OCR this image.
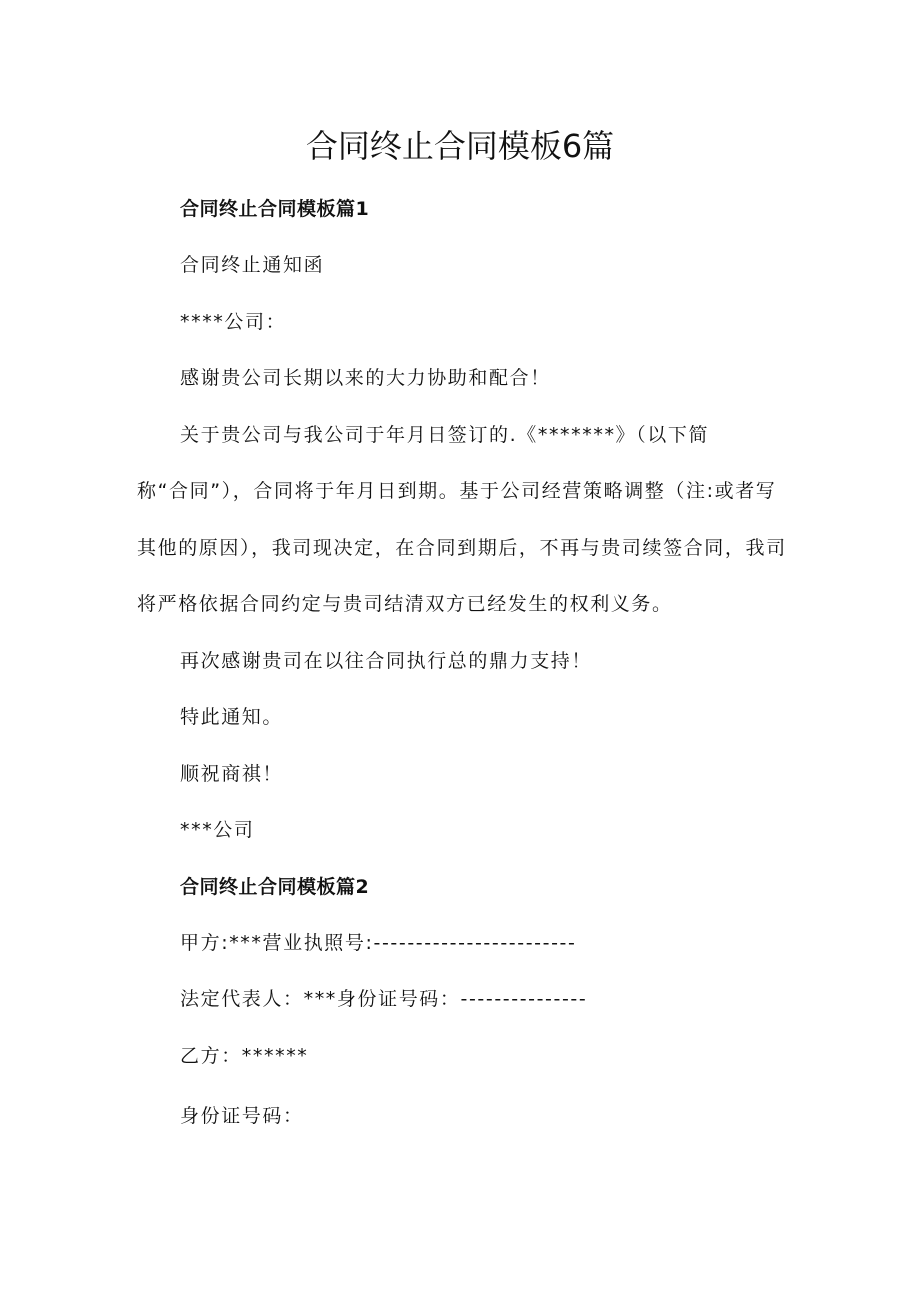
合同终止合同模板6篇

合同终止合同模板篇1

合同终止通知函

****公司：

感谢贵公司长期以来的大力协助和配合！

关于贵公司与我公司于年月日签订的.《*******》（以下简

称“合同”），合同将于年月日到期。基于公司经营策略调整（注:或者写

其他的原因），我司现决定，在合同到期后，不再与贵司续签合同，我司

将严格依据合同约定与贵司结清双方已经发生的权利义务。

再次感谢贵司在以往合同执行总的鼎力支持！

特此通知。

顺祝商祺！

***公司

合同终止合同模板篇2

甲方:***营业执照号:------------------------

法定代表人：***身份证号码：---------------

乙方：******

身份证号码：
